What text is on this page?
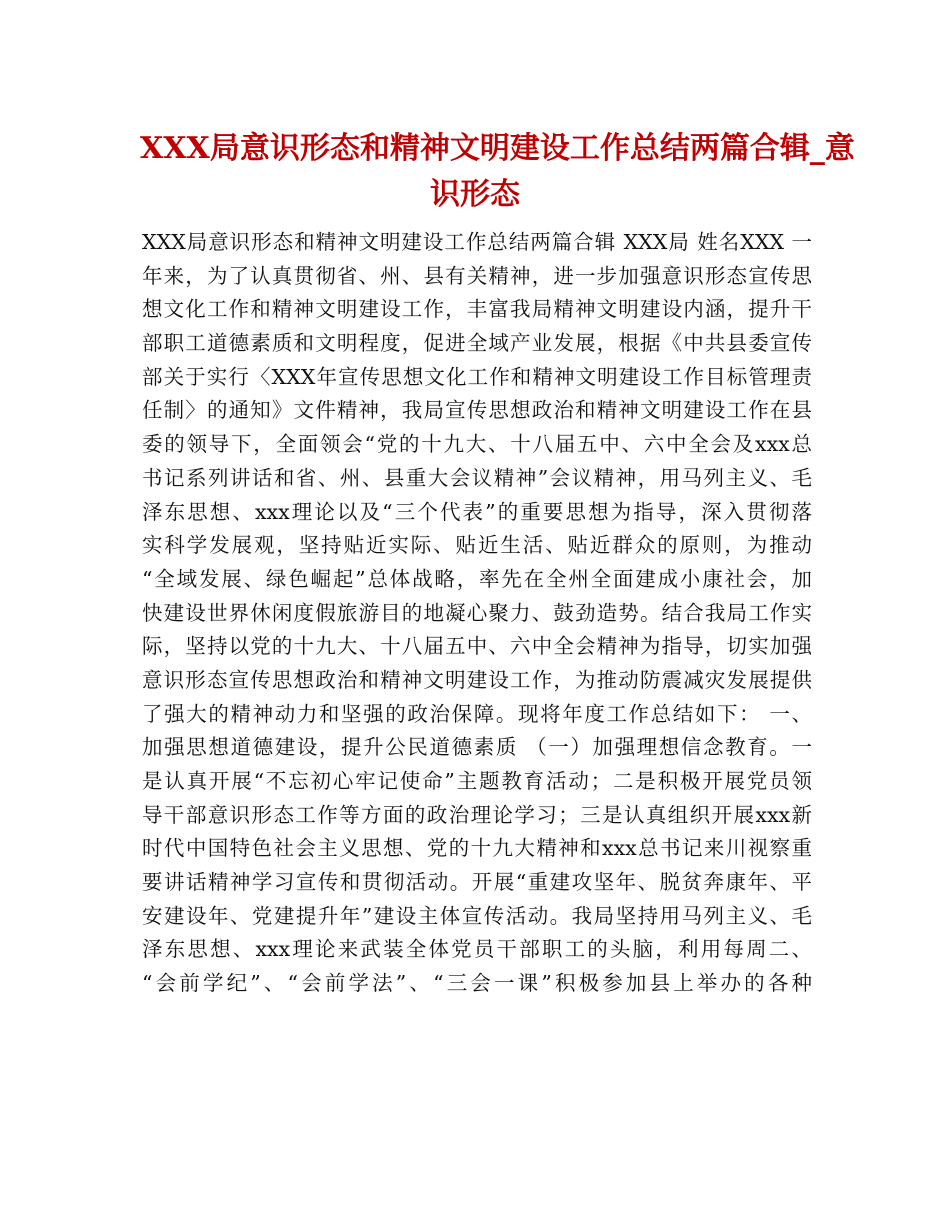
XXX局意识形态和精神文明建设工作总结两篇合辑_意
识形态
XXX局意识形态和精神文明建设工作总结两篇合辑 XXX局 姓名XXX 一
年来，为了认真贯彻省、州、县有关精神，进一步加强意识形态宣传思
想文化工作和精神文明建设工作，丰富我局精神文明建设内涵，提升干
部职工道德素质和文明程度，促进全域产业发展，根据《中共县委宣传
部关于实行〈XXX年宣传思想文化工作和精神文明建设工作目标管理责
任制〉的通知》文件精神，我局宣传思想政治和精神文明建设工作在县
委的领导下，全面领会“党的十九大、十八届五中、六中全会及xxx总
书记系列讲话和省、州、县重大会议精神”会议精神，用马列主义、毛
泽东思想、xxx理论以及“三个代表”的重要思想为指导，深入贯彻落
实科学发展观，坚持贴近实际、贴近生活、贴近群众的原则，为推动
“全域发展、绿色崛起”总体战略，率先在全州全面建成小康社会，加
快建设世界休闲度假旅游目的地凝心聚力、鼓劲造势。结合我局工作实
际，坚持以党的十九大、十八届五中、六中全会精神为指导，切实加强
意识形态宣传思想政治和精神文明建设工作，为推动防震减灾发展提供
了强大的精神动力和坚强的政治保障。现将年度工作总结如下： 一、
加强思想道德建设，提升公民道德素质 （一）加强理想信念教育。一
是认真开展“不忘初心牢记使命”主题教育活动；二是积极开展党员领
导干部意识形态工作等方面的政治理论学习；三是认真组织开展xxx新
时代中国特色社会主义思想、党的十九大精神和xxx总书记来川视察重
要讲话精神学习宣传和贯彻活动。开展“重建攻坚年、脱贫奔康年、平
安建设年、党建提升年”建设主体宣传活动。我局坚持用马列主义、毛
泽东思想、xxx理论来武装全体党员干部职工的头脑，利用每周二、
“会前学纪”、“会前学法”、“三会一课”积极参加县上举办的各种
